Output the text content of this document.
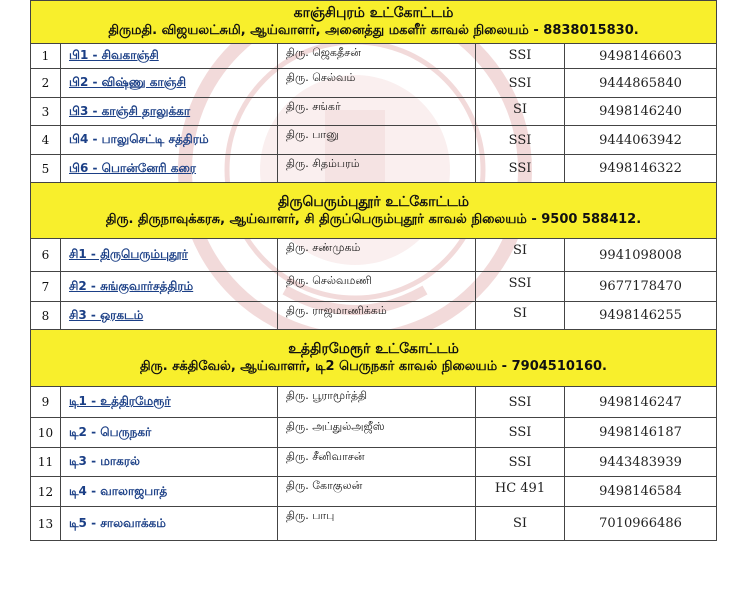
காஞ்சிபுரம் உட்கோட்டம்
திருமதி. விஜயலட்சுமி, ஆய்வாளர், அனைத்து மகளீர் காவல் நிலையம் - 8838015830.				

1	பி1 - சிவகாஞ்சி	திரு. ஜெகதீசன்	SSI	9498146603
2	பி2 - விஷ்ணு காஞ்சி	திரு. செல்வம்	SSI	9444865840
3	பி3 - காஞ்சி தாலுக்கா	திரு. சங்கர்	SI	9498146240
4	பி4 - பாலுசெட்டி சத்திரம்	திரு. பானு	SSI	9444063942
5	பி6 - பொன்னேரி கரை	திரு. சிதம்பரம்	SSI	9498146322

திருபெரும்புதூர் உட்கோட்டம்
திரு. திருநாவுக்கரசு, ஆய்வாளர், சி திருப்பெரும்புதூர் காவல் நிலையம் - 9500 588412.				

6	சி1 - திருபெரும்புதூர்	திரு. சண்முகம்	SI	9941098008
7	சி2 - சுங்குவார்சத்திரம்	திரு. செல்வமணி	SSI	9677178470
8	சி3 - ஒரகடம்	திரு. ராஜமாணிக்கம்	SI	9498146255

உத்திரமேரூர் உட்கோட்டம்
திரு. சக்திவேல், ஆய்வாளர், டி2 பெருநகர் காவல் நிலையம் - 7904510160.				

9	டி1 - உத்திரமேரூர்	திரு. பூராமூர்த்தி	SSI	9498146247
10	டி2 - பெருநகர்	திரு. அப்துல்அஜீஸ்	SSI	9498146187
11	டி3 - மாகரல்	திரு. சீனிவாசன்	SSI	9443483939
12	டி4 - வாலாஜபாத்	திரு. கோகுலன்	HC 491	9498146584
13	டி5 - சாலவாக்கம்	திரு. பாபு	SI	7010966486
